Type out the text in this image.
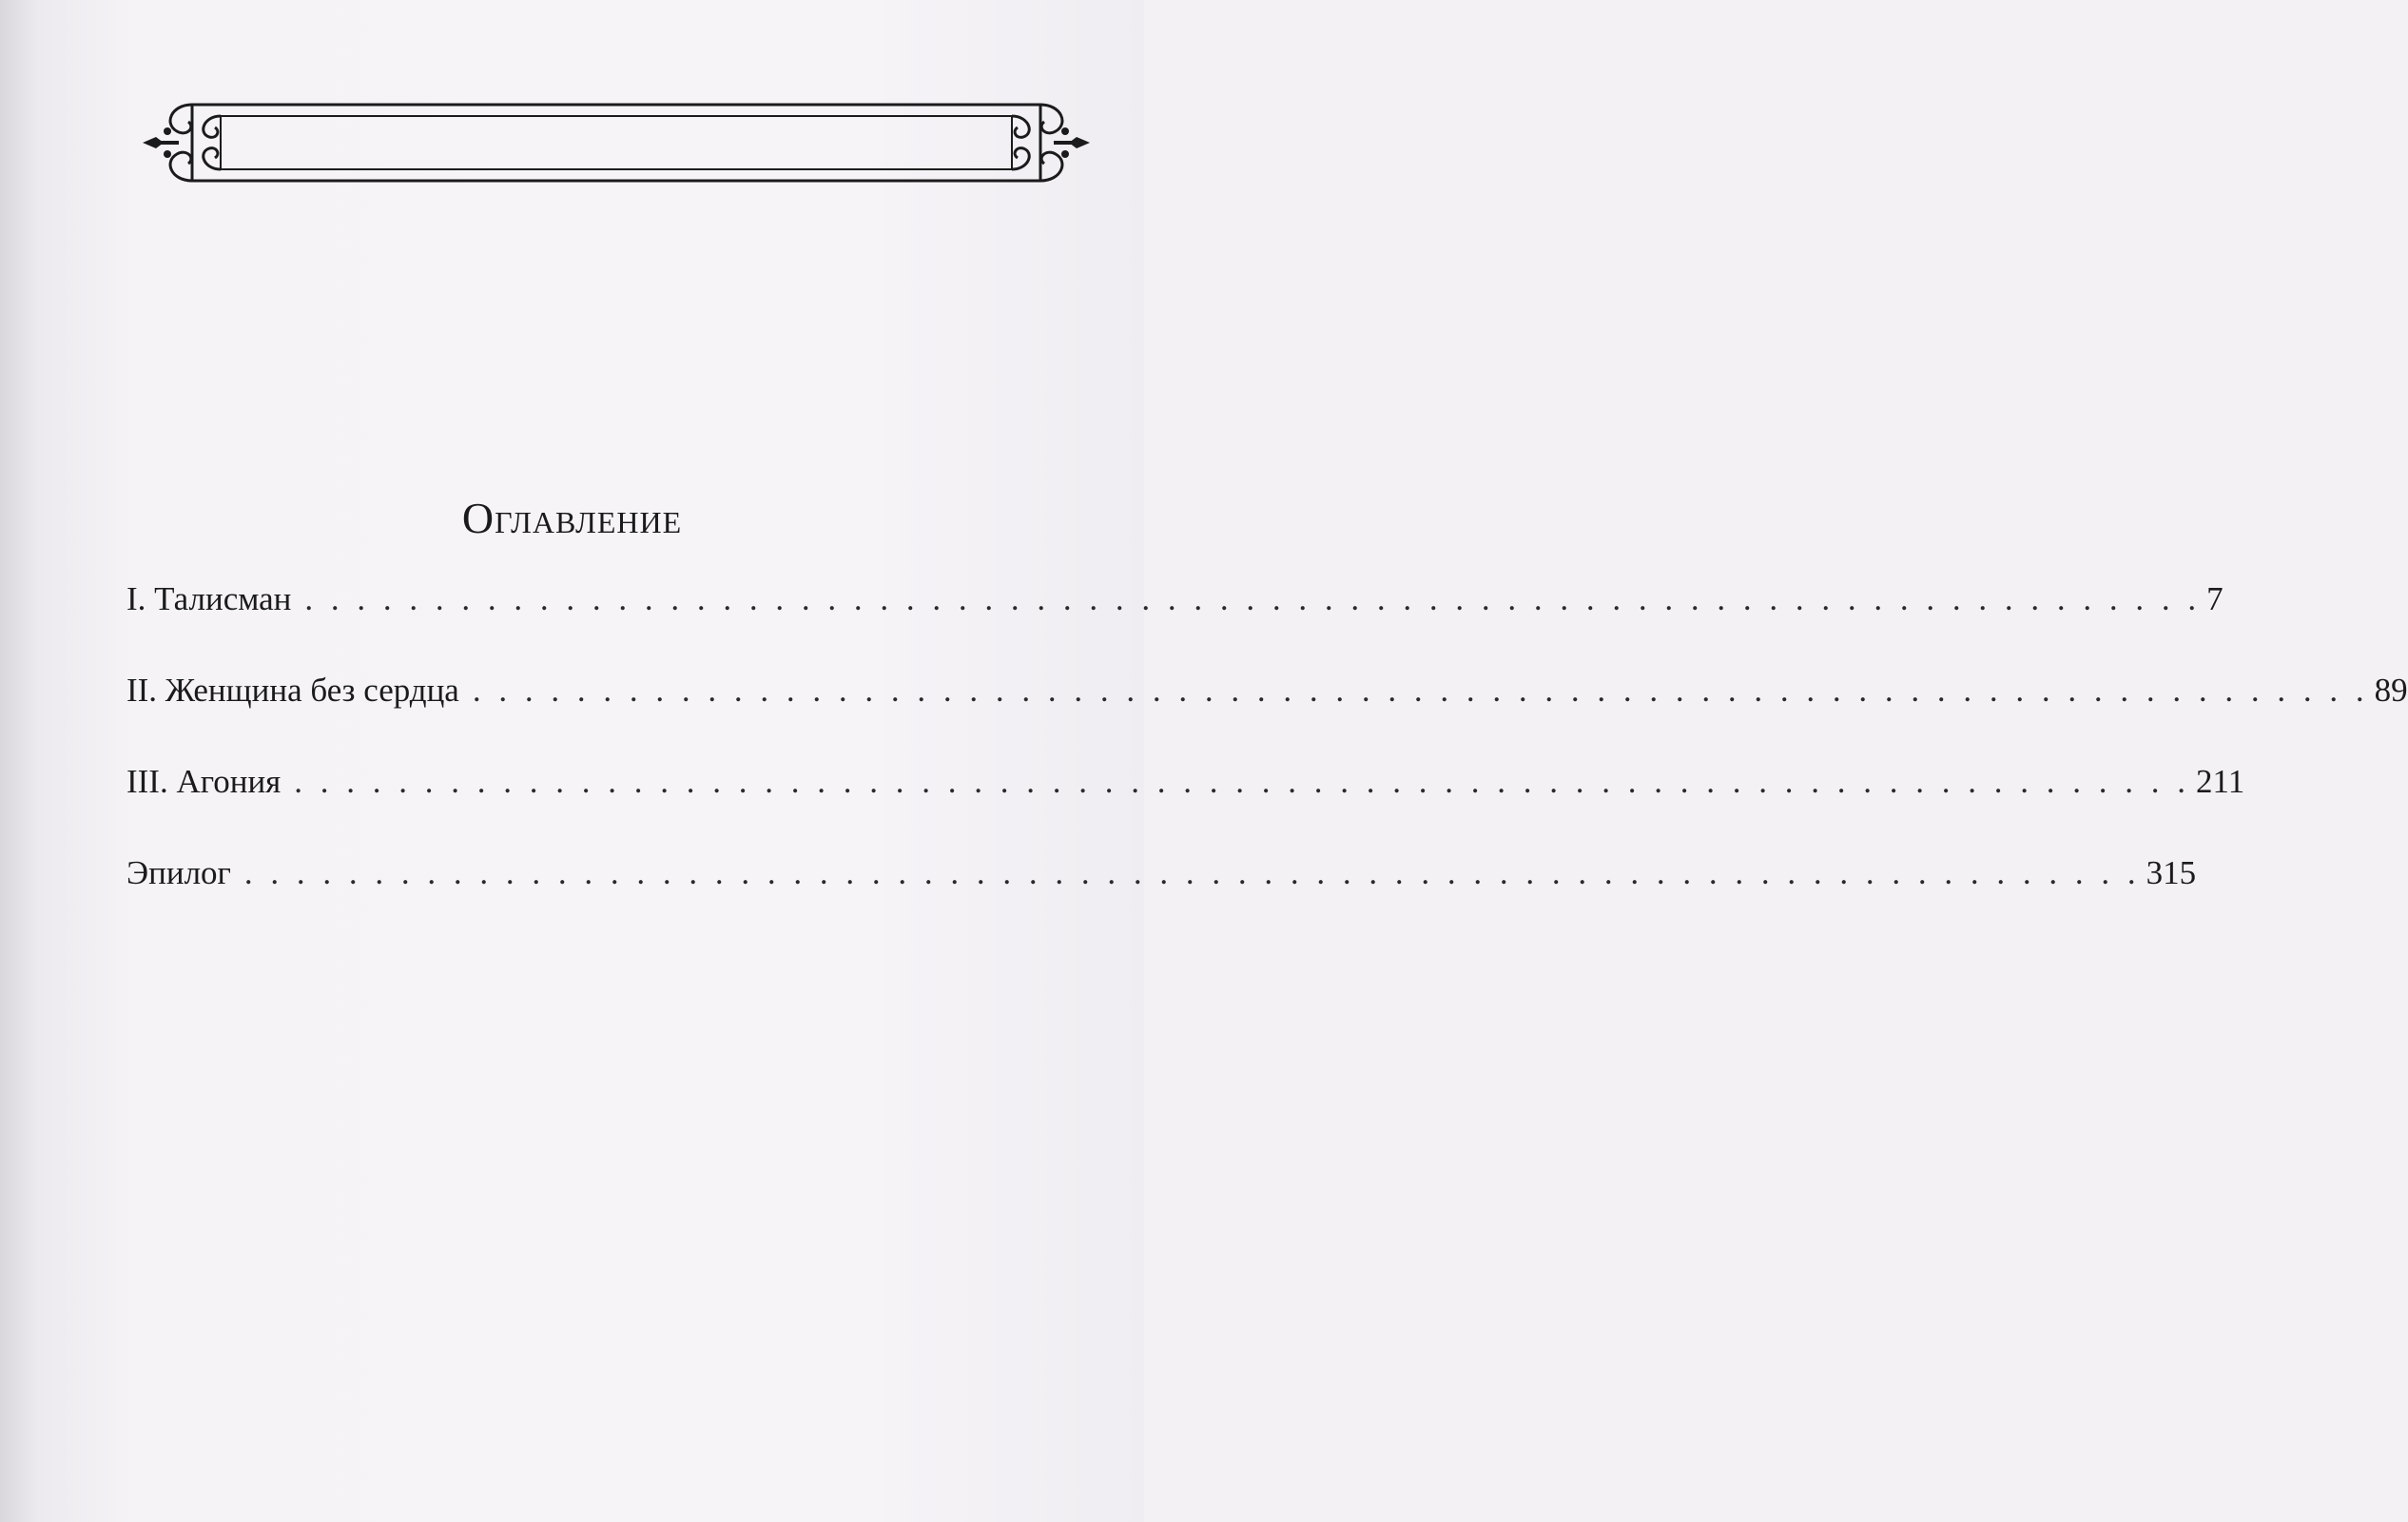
Оглавление
I. Талисман . . . . . . . . . . . . . . . . . . . . . . . . . . . . . . . . . . . . . . . . . . . . . . . . . . . . . . . . . . . . . . . . . . . . . . . . . 7
II. Женщина без сердца . . . . . . . . . . . . . . . . . . . . . . . . . . . . . . . . . . . . . . . . . . . . . . . . . . . . . . . . . . . . . . . . . . . . . . . . . 89
III. Агония . . . . . . . . . . . . . . . . . . . . . . . . . . . . . . . . . . . . . . . . . . . . . . . . . . . . . . . . . . . . . . . . . . . . . . . . . 211
Эпилог . . . . . . . . . . . . . . . . . . . . . . . . . . . . . . . . . . . . . . . . . . . . . . . . . . . . . . . . . . . . . . . . . . . . . . . . . 315
